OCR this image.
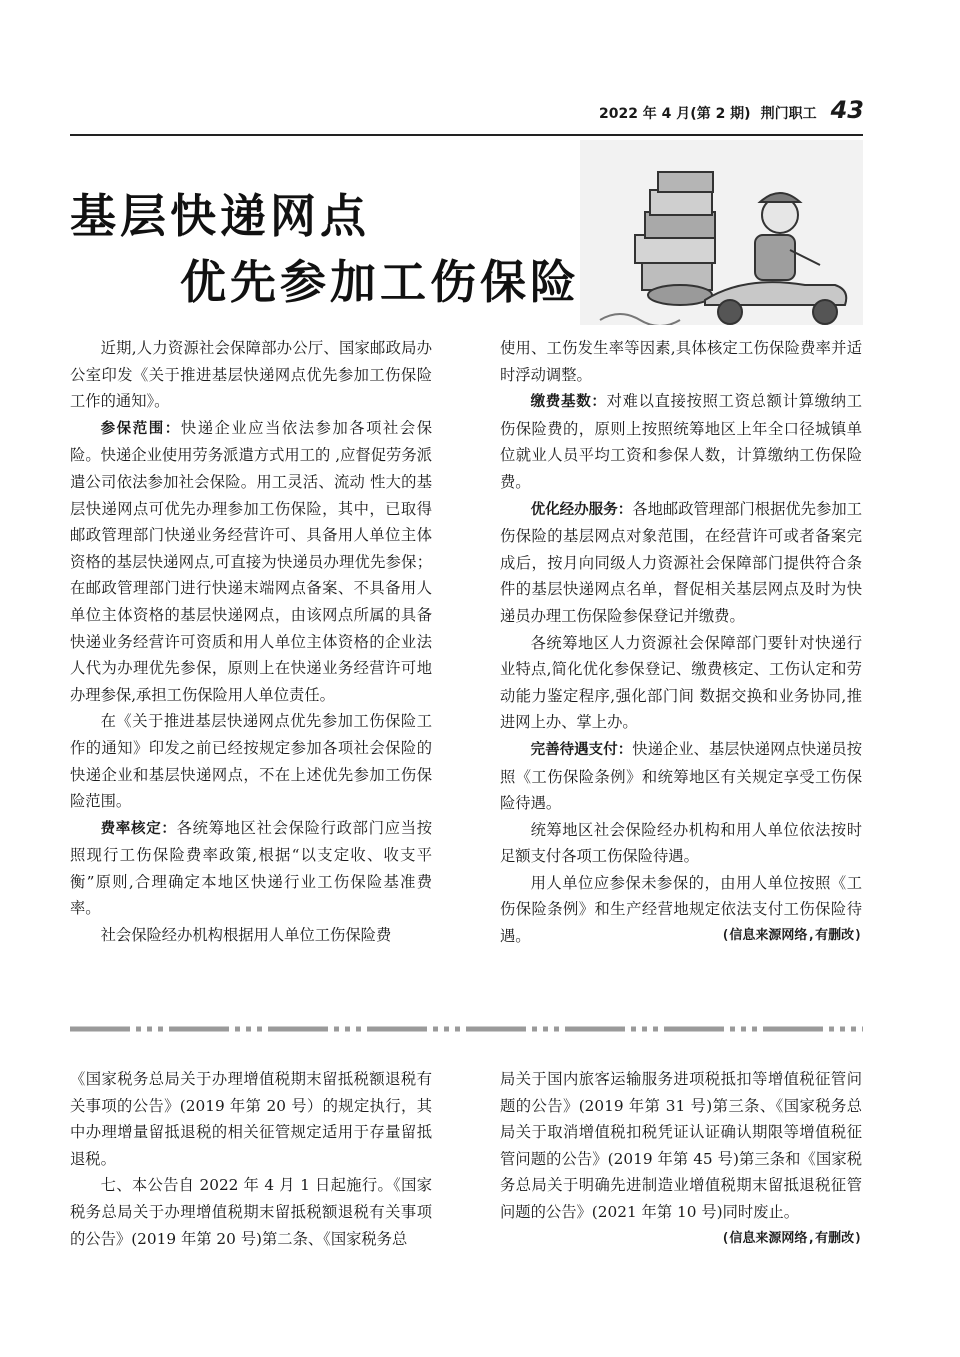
2022 年 4 月(第 2 期) 荆门职工 43
基层快递网点
优先参加工伤保险

近期,人力资源社会保障部办公厅、国家邮政局办公室印发《关于推进基层快递网点优先参加工伤保险工作的通知》。

参保范围：快递企业应当依法参加各项社会保险。快递企业使用劳务派遣方式用工的 ,应督促劳务派遣公司依法参加社会保险。用工灵活、流动 性大的基层快递网点可优先办理参加工伤保险，其中，已取得邮政管理部门快递业务经营许可、具备用人单位主体资格的基层快递网点,可直接为快递员办理优先参保；在邮政管理部门进行快递末端网点备案、不具备用人单位主体资格的基层快递网点，由该网点所属的具备快递业务经营许可资质和用人单位主体资格的企业法人代为办理优先参保，原则上在快递业务经营许可地办理参保,承担工伤保险用人单位责任。

在《关于推进基层快递网点优先参加工伤保险工作的通知》印发之前已经按规定参加各项社会保险的快递企业和基层快递网点，不在上述优先参加工伤保险范围。

费率核定：各统筹地区社会保险行政部门应当按照现行工伤保险费率政策,根据“以支定收、收支平衡”原则,合理确定本地区快递行业工伤保险基准费率。

社会保险经办机构根据用人单位工伤保险费

使用、工伤发生率等因素,具体核定工伤保险费率并适时浮动调整。

缴费基数：对难以直接按照工资总额计算缴纳工伤保险费的，原则上按照统筹地区上年全口径城镇单位就业人员平均工资和参保人数，计算缴纳工伤保险费。

优化经办服务：各地邮政管理部门根据优先参加工伤保险的基层网点对象范围，在经营许可或者备案完成后，按月向同级人力资源社会保障部门提供符合条件的基层快递网点名单，督促相关基层网点及时为快递员办理工伤保险参保登记并缴费。

各统筹地区人力资源社会保障部门要针对快递行业特点,简化优化参保登记、缴费核定、工伤认定和劳动能力鉴定程序,强化部门间 数据交换和业务协同,推进网上办、掌上办。

完善待遇支付：快递企业、基层快递网点快递员按照《工伤保险条例》和统筹地区有关规定享受工伤保险待遇。

统筹地区社会保险经办机构和用人单位依法按时足额支付各项工伤保险待遇。

用人单位应参保未参保的，由用人单位按照《工伤保险条例》和生产经营地规定依法支付工伤保险待遇。	(信息来源网络,有删改)

《国家税务总局关于办理增值税期末留抵税额退税有关事项的公告》(2019 年第 20 号）的规定执行，其中办理增量留抵退税的相关征管规定适用于存量留抵退税。

七、本公告自 2022 年 4 月 1 日起施行。《国家税务总局关于办理增值税期末留抵税额退税有关事项的公告》(2019 年第 20 号)第二条、《国家税务总

局关于国内旅客运输服务进项税抵扣等增值税征管问题的公告》(2019 年第 31 号)第三条、《国家税务总局关于取消增值税扣税凭证认证确认期限等增值税征管问题的公告》(2019 年第 45 号)第三条和《国家税务总局关于明确先进制造业增值税期末留抵退税征管问题的公告》(2021 年第 10 号)同时废止。
(信息来源网络,有删改)
